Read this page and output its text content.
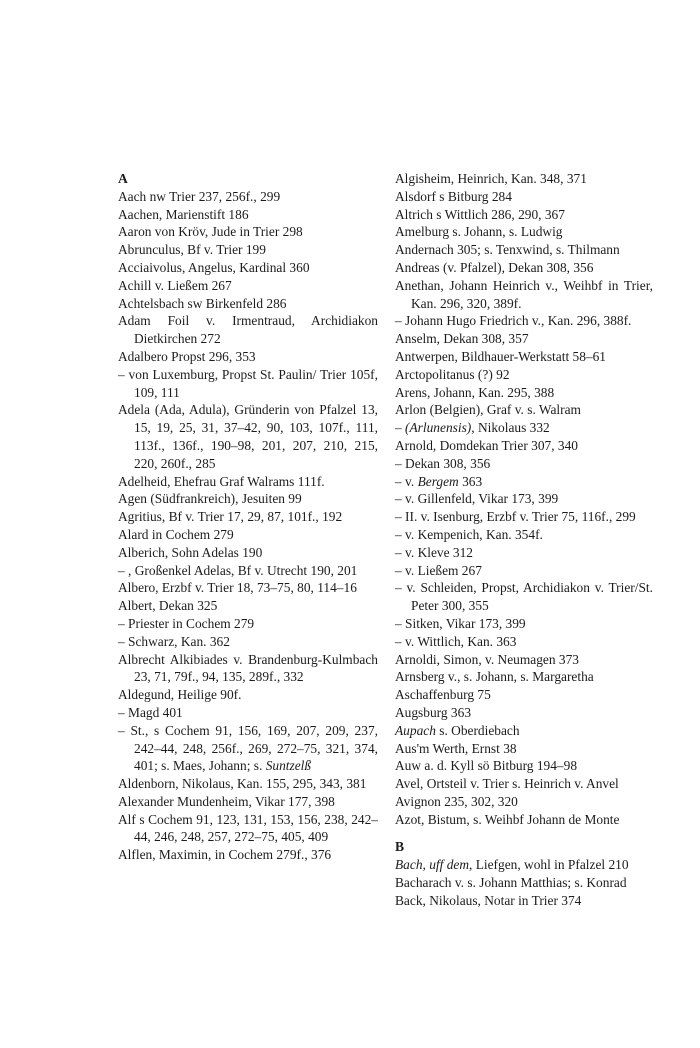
A
Aach nw Trier 237, 256f., 299
Aachen, Marienstift 186
Aaron von Kröv, Jude in Trier 298
Abrunculus, Bf v. Trier 199
Acciaivolus, Angelus, Kardinal 360
Achill v. Ließem 267
Achtelsbach sw Birkenfeld 286
Adam Foil v. Irmentraud, Archidiakon Dietkirchen 272
Adalbero Propst 296, 353
– von Luxemburg, Propst St. Paulin/ Trier 105f, 109, 111
Adela (Ada, Adula), Gründerin von Pfalzel 13, 15, 19, 25, 31, 37–42, 90, 103, 107f., 111, 113f., 136f., 190–98, 201, 207, 210, 215, 220, 260f., 285
Adelheid, Ehefrau Graf Walrams 111f.
Agen (Südfrankreich), Jesuiten 99
Agritius, Bf v. Trier 17, 29, 87, 101f., 192
Alard in Cochem 279
Alberich, Sohn Adelas 190
– , Großenkel Adelas, Bf v. Utrecht 190, 201
Albero, Erzbf v. Trier 18, 73–75, 80, 114–16
Albert, Dekan 325
– Priester in Cochem 279
– Schwarz, Kan. 362
Albrecht Alkibiades v. Brandenburg-Kulmbach 23, 71, 79f., 94, 135, 289f., 332
Aldegund, Heilige 90f.
– Magd 401
– St., s Cochem 91, 156, 169, 207, 209, 237, 242–44, 248, 256f., 269, 272–75, 321, 374, 401; s. Maes, Johann; s. Suntzelß
Aldenborn, Nikolaus, Kan. 155, 295, 343, 381
Alexander Mundenheim, Vikar 177, 398
Alf s Cochem 91, 123, 131, 153, 156, 238, 242–44, 246, 248, 257, 272–75, 405, 409
Alflen, Maximin, in Cochem 279f., 376
Algisheim, Heinrich, Kan. 348, 371
Alsdorf s Bitburg 284
Altrich s Wittlich 286, 290, 367
Amelburg s. Johann, s. Ludwig
Andernach 305; s. Tenxwind, s. Thilmann
Andreas (v. Pfalzel), Dekan 308, 356
Anethan, Johann Heinrich v., Weihbf in Trier, Kan. 296, 320, 389f.
– Johann Hugo Friedrich v., Kan. 296, 388f.
Anselm, Dekan 308, 357
Antwerpen, Bildhauer-Werkstatt 58–61
Arctopolitanus (?) 92
Arens, Johann, Kan. 295, 388
Arlon (Belgien), Graf v. s. Walram
– (Arlunensis), Nikolaus 332
Arnold, Domdekan Trier 307, 340
– Dekan 308, 356
– v. Bergem 363
– v. Gillenfeld, Vikar 173, 399
– II. v. Isenburg, Erzbf v. Trier 75, 116f., 299
– v. Kempenich, Kan. 354f.
– v. Kleve 312
– v. Ließem 267
– v. Schleiden, Propst, Archidiakon v. Trier/St. Peter 300, 355
– Sitken, Vikar 173, 399
– v. Wittlich, Kan. 363
Arnoldi, Simon, v. Neumagen 373
Arnsberg v., s. Johann, s. Margaretha
Aschaffenburg 75
Augsburg 363
Aupach s. Oberdiebach
Aus'm Werth, Ernst 38
Auw a. d. Kyll sö Bitburg 194–98
Avel, Ortsteil v. Trier s. Heinrich v. Anvel
Avignon 235, 302, 320
Azot, Bistum, s. Weihbf Johann de Monte
B
Bach, uff dem, Liefgen, wohl in Pfalzel 210
Bacharach v. s. Johann Matthias; s. Konrad
Back, Nikolaus, Notar in Trier 374
